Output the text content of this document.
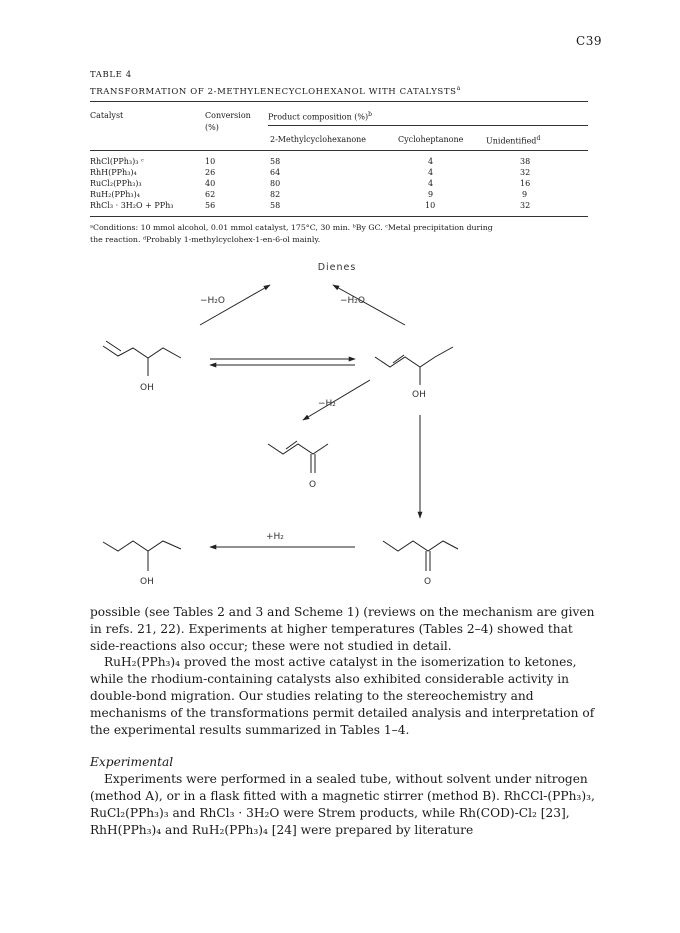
C39
TABLE 4
TRANSFORMATION OF 2-METHYLENECYCLOHEXANOL WITH CATALYSTS$^a$
Catalyst	Conversion
(%)
Product composition (%)$^b$
2-Methylcyclohexanone	Cycloheptanone	Unidentified$^d$
RhCl(PPh₃)₃ ᶜ	10	58	4	38
RhH(PPh₃)₄	26	64	4	32
RuCl₂(PPh₃)₃	40	80	4	16
RuH₂(PPh₃)₄	62	82	9	9
RhCl₃ · 3H₂O + PPh₃	56	58	10	32
ᵃConditions: 10 mmol alcohol, 0.01 mmol catalyst, 175°C, 30 min. ᵇBy GC. ᶜMetal precipitation during
the reaction. ᵈProbably 1-methylcyclohex-1-en-6-ol mainly.
Dienes
−H₂O	−H₂O
OH
OH
−H₂
O
O
+H₂
OH

possible (see Tables 2 and 3 and Scheme 1) (reviews on the mechanism are given in refs. 21, 22). Experiments at higher temperatures (Tables 2–4) showed that side-reactions also occur; these were not studied in detail.

RuH₂(PPh₃)₄ proved the most active catalyst in the isomerization to ketones, while the rhodium-containing catalysts also exhibited considerable activity in double-bond migration. Our studies relating to the stereochemistry and mechanisms of the transformations permit detailed analysis and interpretation of the experimental results summarized in Tables 1–4.

Experimental

Experiments were performed in a sealed tube, without solvent under nitrogen (method A), or in a flask fitted with a magnetic stirrer (method B). RhCCl-(PPh₃)₃, RuCl₂(PPh₃)₃ and RhCl₃ · 3H₂O were Strem products, while Rh(COD)-Cl₂ [23], RhH(PPh₃)₄ and RuH₂(PPh₃)₄ [24] were prepared by literature
